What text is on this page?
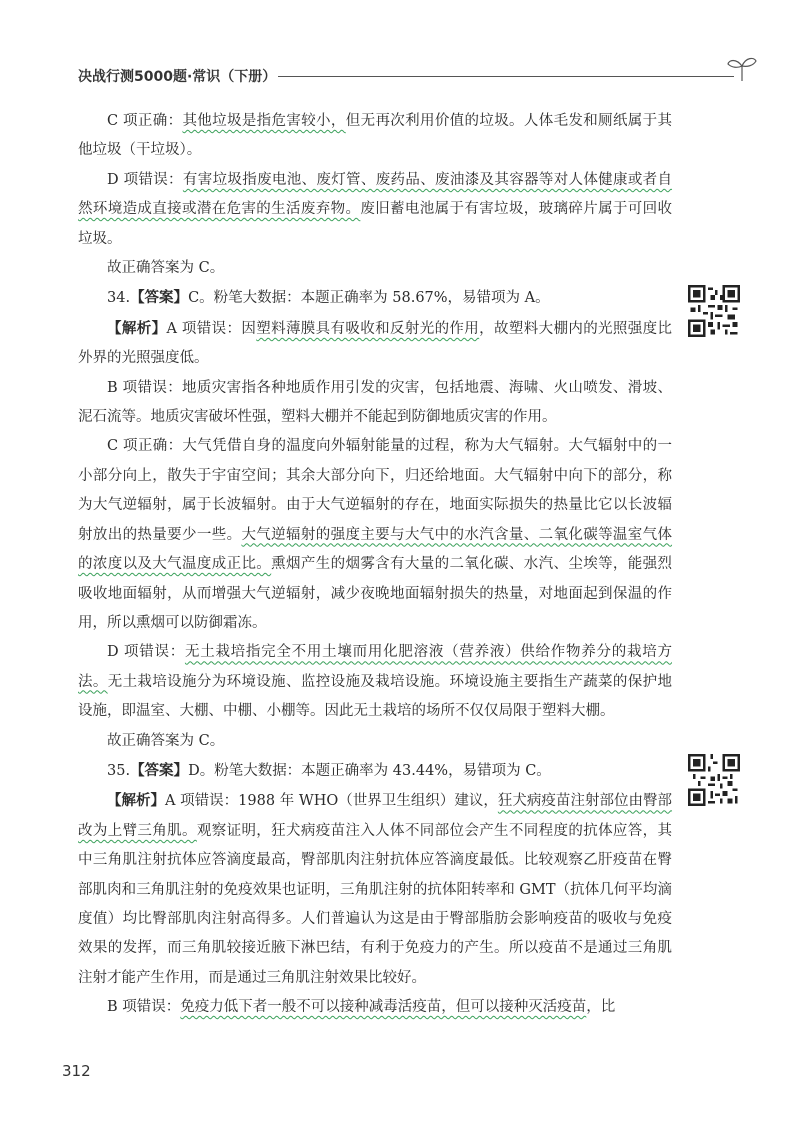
决战行测5000题·常识（下册）

C 项正确：其他垃圾是指危害较小，但无再次利用价值的垃圾。人体毛发和厕纸属于其他垃圾（干垃圾）。

D 项错误：有害垃圾指废电池、废灯管、废药品、废油漆及其容器等对人体健康或者自然环境造成直接或潜在危害的生活废弃物。废旧蓄电池属于有害垃圾，玻璃碎片属于可回收垃圾。

故正确答案为 C。

34.【答案】C。粉笔大数据：本题正确率为 58.67%，易错项为 A。

【解析】A 项错误：因塑料薄膜具有吸收和反射光的作用，故塑料大棚内的光照强度比外界的光照强度低。

B 项错误：地质灾害指各种地质作用引发的灾害，包括地震、海啸、火山喷发、滑坡、泥石流等。地质灾害破坏性强，塑料大棚并不能起到防御地质灾害的作用。

C 项正确：大气凭借自身的温度向外辐射能量的过程，称为大气辐射。大气辐射中的一小部分向上，散失于宇宙空间；其余大部分向下，归还给地面。大气辐射中向下的部分，称为大气逆辐射，属于长波辐射。由于大气逆辐射的存在，地面实际损失的热量比它以长波辐射放出的热量要少一些。大气逆辐射的强度主要与大气中的水汽含量、二氧化碳等温室气体的浓度以及大气温度成正比。熏烟产生的烟雾含有大量的二氧化碳、水汽、尘埃等，能强烈吸收地面辐射，从而增强大气逆辐射，减少夜晚地面辐射损失的热量，对地面起到保温的作用，所以熏烟可以防御霜冻。

D 项错误：无土栽培指完全不用土壤而用化肥溶液（营养液）供给作物养分的栽培方法。无土栽培设施分为环境设施、监控设施及栽培设施。环境设施主要指生产蔬菜的保护地设施，即温室、大棚、中棚、小棚等。因此无土栽培的场所不仅仅局限于塑料大棚。

故正确答案为 C。

35.【答案】D。粉笔大数据：本题正确率为 43.44%，易错项为 C。

【解析】A 项错误：1988 年 WHO（世界卫生组织）建议，狂犬病疫苗注射部位由臀部改为上臂三角肌。观察证明，狂犬病疫苗注入人体不同部位会产生不同程度的抗体应答，其中三角肌注射抗体应答滴度最高，臀部肌肉注射抗体应答滴度最低。比较观察乙肝疫苗在臀部肌肉和三角肌注射的免疫效果也证明，三角肌注射的抗体阳转率和 GMT（抗体几何平均滴度值）均比臀部肌肉注射高得多。人们普遍认为这是由于臀部脂肪会影响疫苗的吸收与免疫效果的发挥，而三角肌较接近腋下淋巴结，有利于免疫力的产生。所以疫苗不是通过三角肌注射才能产生作用，而是通过三角肌注射效果比较好。

B 项错误：免疫力低下者一般不可以接种减毒活疫苗，但可以接种灭活疫苗，比

312
